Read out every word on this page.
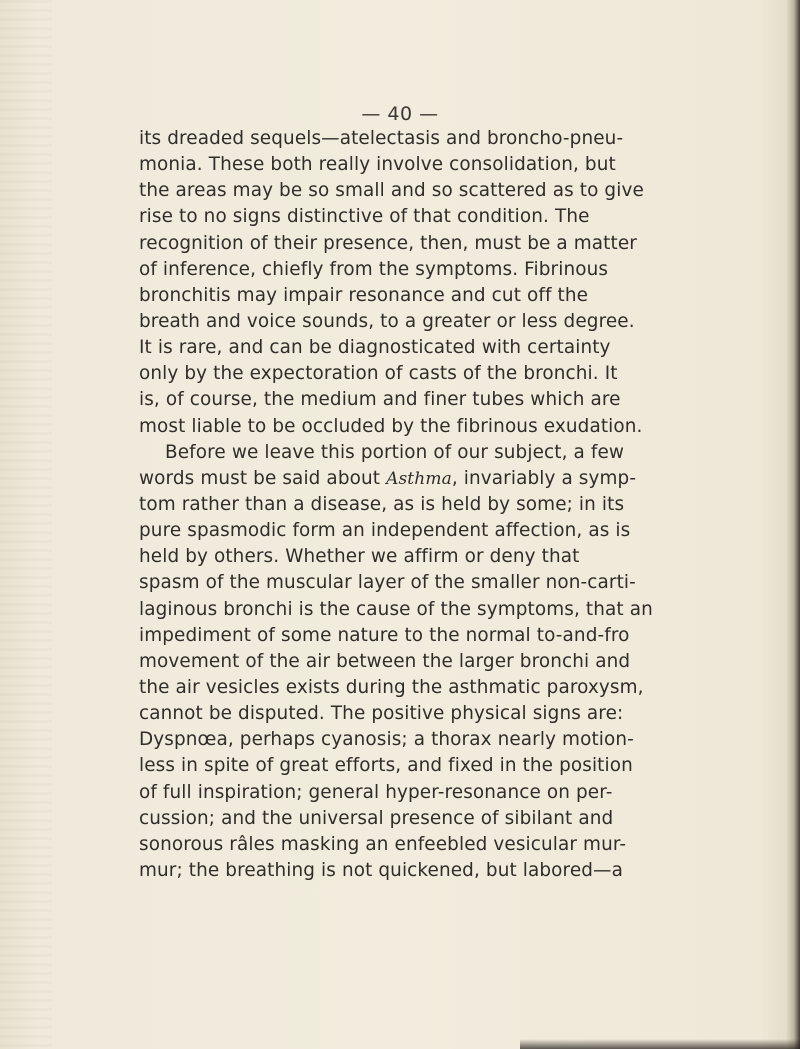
— 40 —
its dreaded sequels—atelectasis and broncho-pneu-
monia. These both really involve consolidation, but
the areas may be so small and so scattered as to give
rise to no signs distinctive of that condition. The
recognition of their presence, then, must be a matter
of inference, chiefly from the symptoms. Fibrinous
bronchitis may impair resonance and cut off the
breath and voice sounds, to a greater or less degree.
It is rare, and can be diagnosticated with certainty
only by the expectoration of casts of the bronchi. It
is, of course, the medium and finer tubes which are
most liable to be occluded by the fibrinous exudation.
Before we leave this portion of our subject, a few
words must be said about Asthma, invariably a symp-
tom rather than a disease, as is held by some; in its
pure spasmodic form an independent affection, as is
held by others. Whether we affirm or deny that
spasm of the muscular layer of the smaller non-carti-
laginous bronchi is the cause of the symptoms, that an
impediment of some nature to the normal to-and-fro
movement of the air between the larger bronchi and
the air vesicles exists during the asthmatic paroxysm,
cannot be disputed. The positive physical signs are:
Dyspnœa, perhaps cyanosis; a thorax nearly motion-
less in spite of great efforts, and fixed in the position
of full inspiration; general hyper-resonance on per-
cussion; and the universal presence of sibilant and
sonorous râles masking an enfeebled vesicular mur-
mur; the breathing is not quickened, but labored—a
